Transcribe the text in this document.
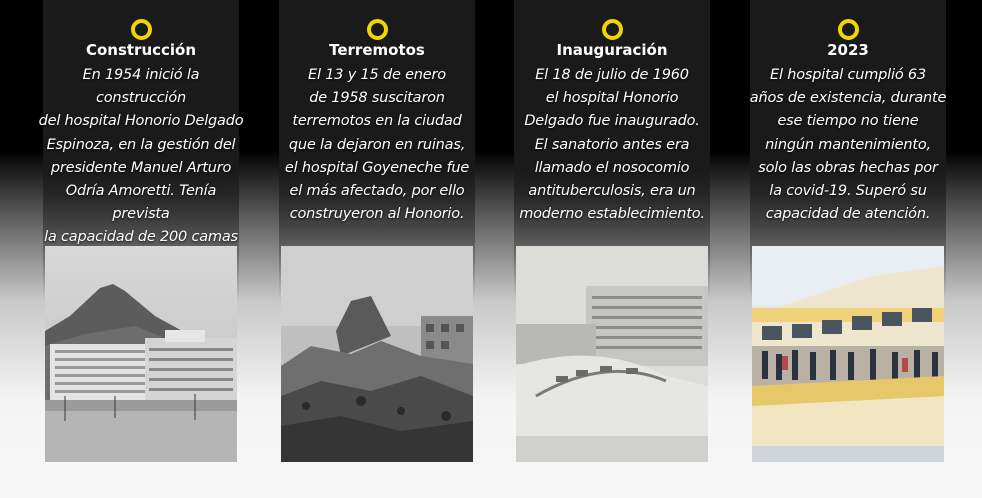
Construcción
En 1954 inició la construcción
del hospital Honorio Delgado
Espinoza, en la gestión del
presidente Manuel Arturo
Odría Amoretti. Tenía prevista
la capacidad de 200 camas
Terremotos
El 13 y 15 de enero
de 1958 suscitaron
terremotos en la ciudad
que la dejaron en ruinas,
el hospital Goyeneche fue
el más afectado, por ello
construyeron al Honorio.
Inauguración
El 18 de julio de 1960
el hospital Honorio
Delgado fue inaugurado.
El sanatorio antes era
llamado el nosocomio
antituberculosis, era un
moderno establecimiento.
2023
El hospital cumplió 63
años de existencia, durante
ese tiempo no tiene
ningún mantenimiento,
solo las obras hechas por
la covid-19. Superó su
capacidad de atención.
